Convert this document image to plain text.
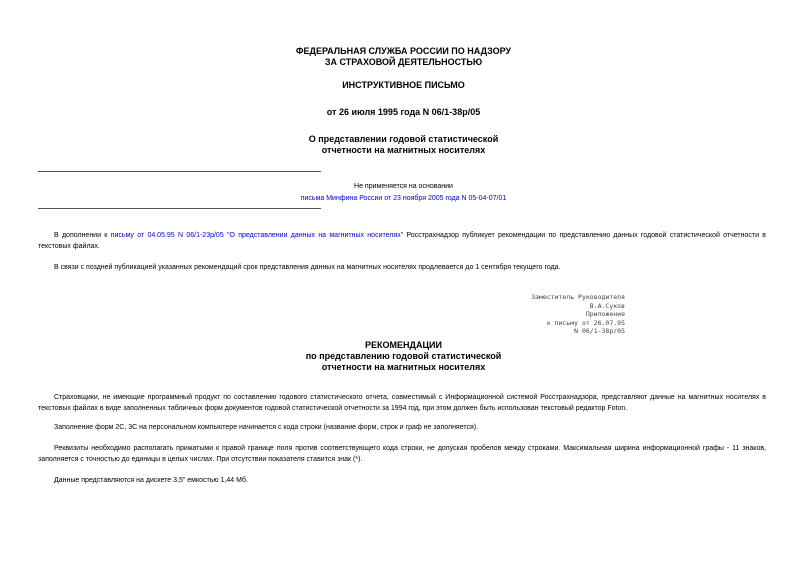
ФЕДЕРАЛЬНАЯ СЛУЖБА РОССИИ ПО НАДЗОРУ
ЗА СТРАХОВОЙ ДЕЯТЕЛЬНОСТЬЮ
ИНСТРУКТИВНОЕ ПИСЬМО
от 26 июля 1995 года N 06/1-38р/05
О представлении годовой статистической
отчетности на магнитных носителях
Не применяется на основании
письма Минфина России от 23 ноября 2005 года N 05-04-07/01
В дополнении к письму от 04.05.95 N 06/1-23р/05 "О представлении данных на магнитных носителях" Росстрахнадзор публикует рекомендации по представлению данных годовой статистической отчетности в текстовых файлах.
В связи с поздней публикацией указанных рекомендаций срок представления данных на магнитных носителях продлевается до 1 сентября текущего года.
Заместитель Руководителя
В.А.Суков
Приложение
к письму от 26.07.95
N 06/1-38р/05
РЕКОМЕНДАЦИИ
по представлению годовой статистической
отчетности на магнитных носителях
Страховщики, не имеющие программный продукт по составлению годового статистического отчета, совместимый с Информационной системой Росстрахнадзора, представляют данные на магнитных носителях в текстовых файлах в виде заполненных табличных форм документов годовой статистической отчетности за 1994 год, при этом должен быть использован текстовый редактор Foton.
Заполнение форм 2С, 3С на персональном компьютере начинается с кода строки (название форм, строк и граф не заполняется).
Реквизиты необходимо располагать прижатыми к правой границе поля против соответствующего кода строки, не допуская пробелов между строками. Максимальная ширина информационной графы - 11 знаков, заполняется с точностью до единицы в целых числах. При отсутствии показателя ставится знак (*).
Данные представляются на дискете 3,5" емкостью 1,44 Мб.
